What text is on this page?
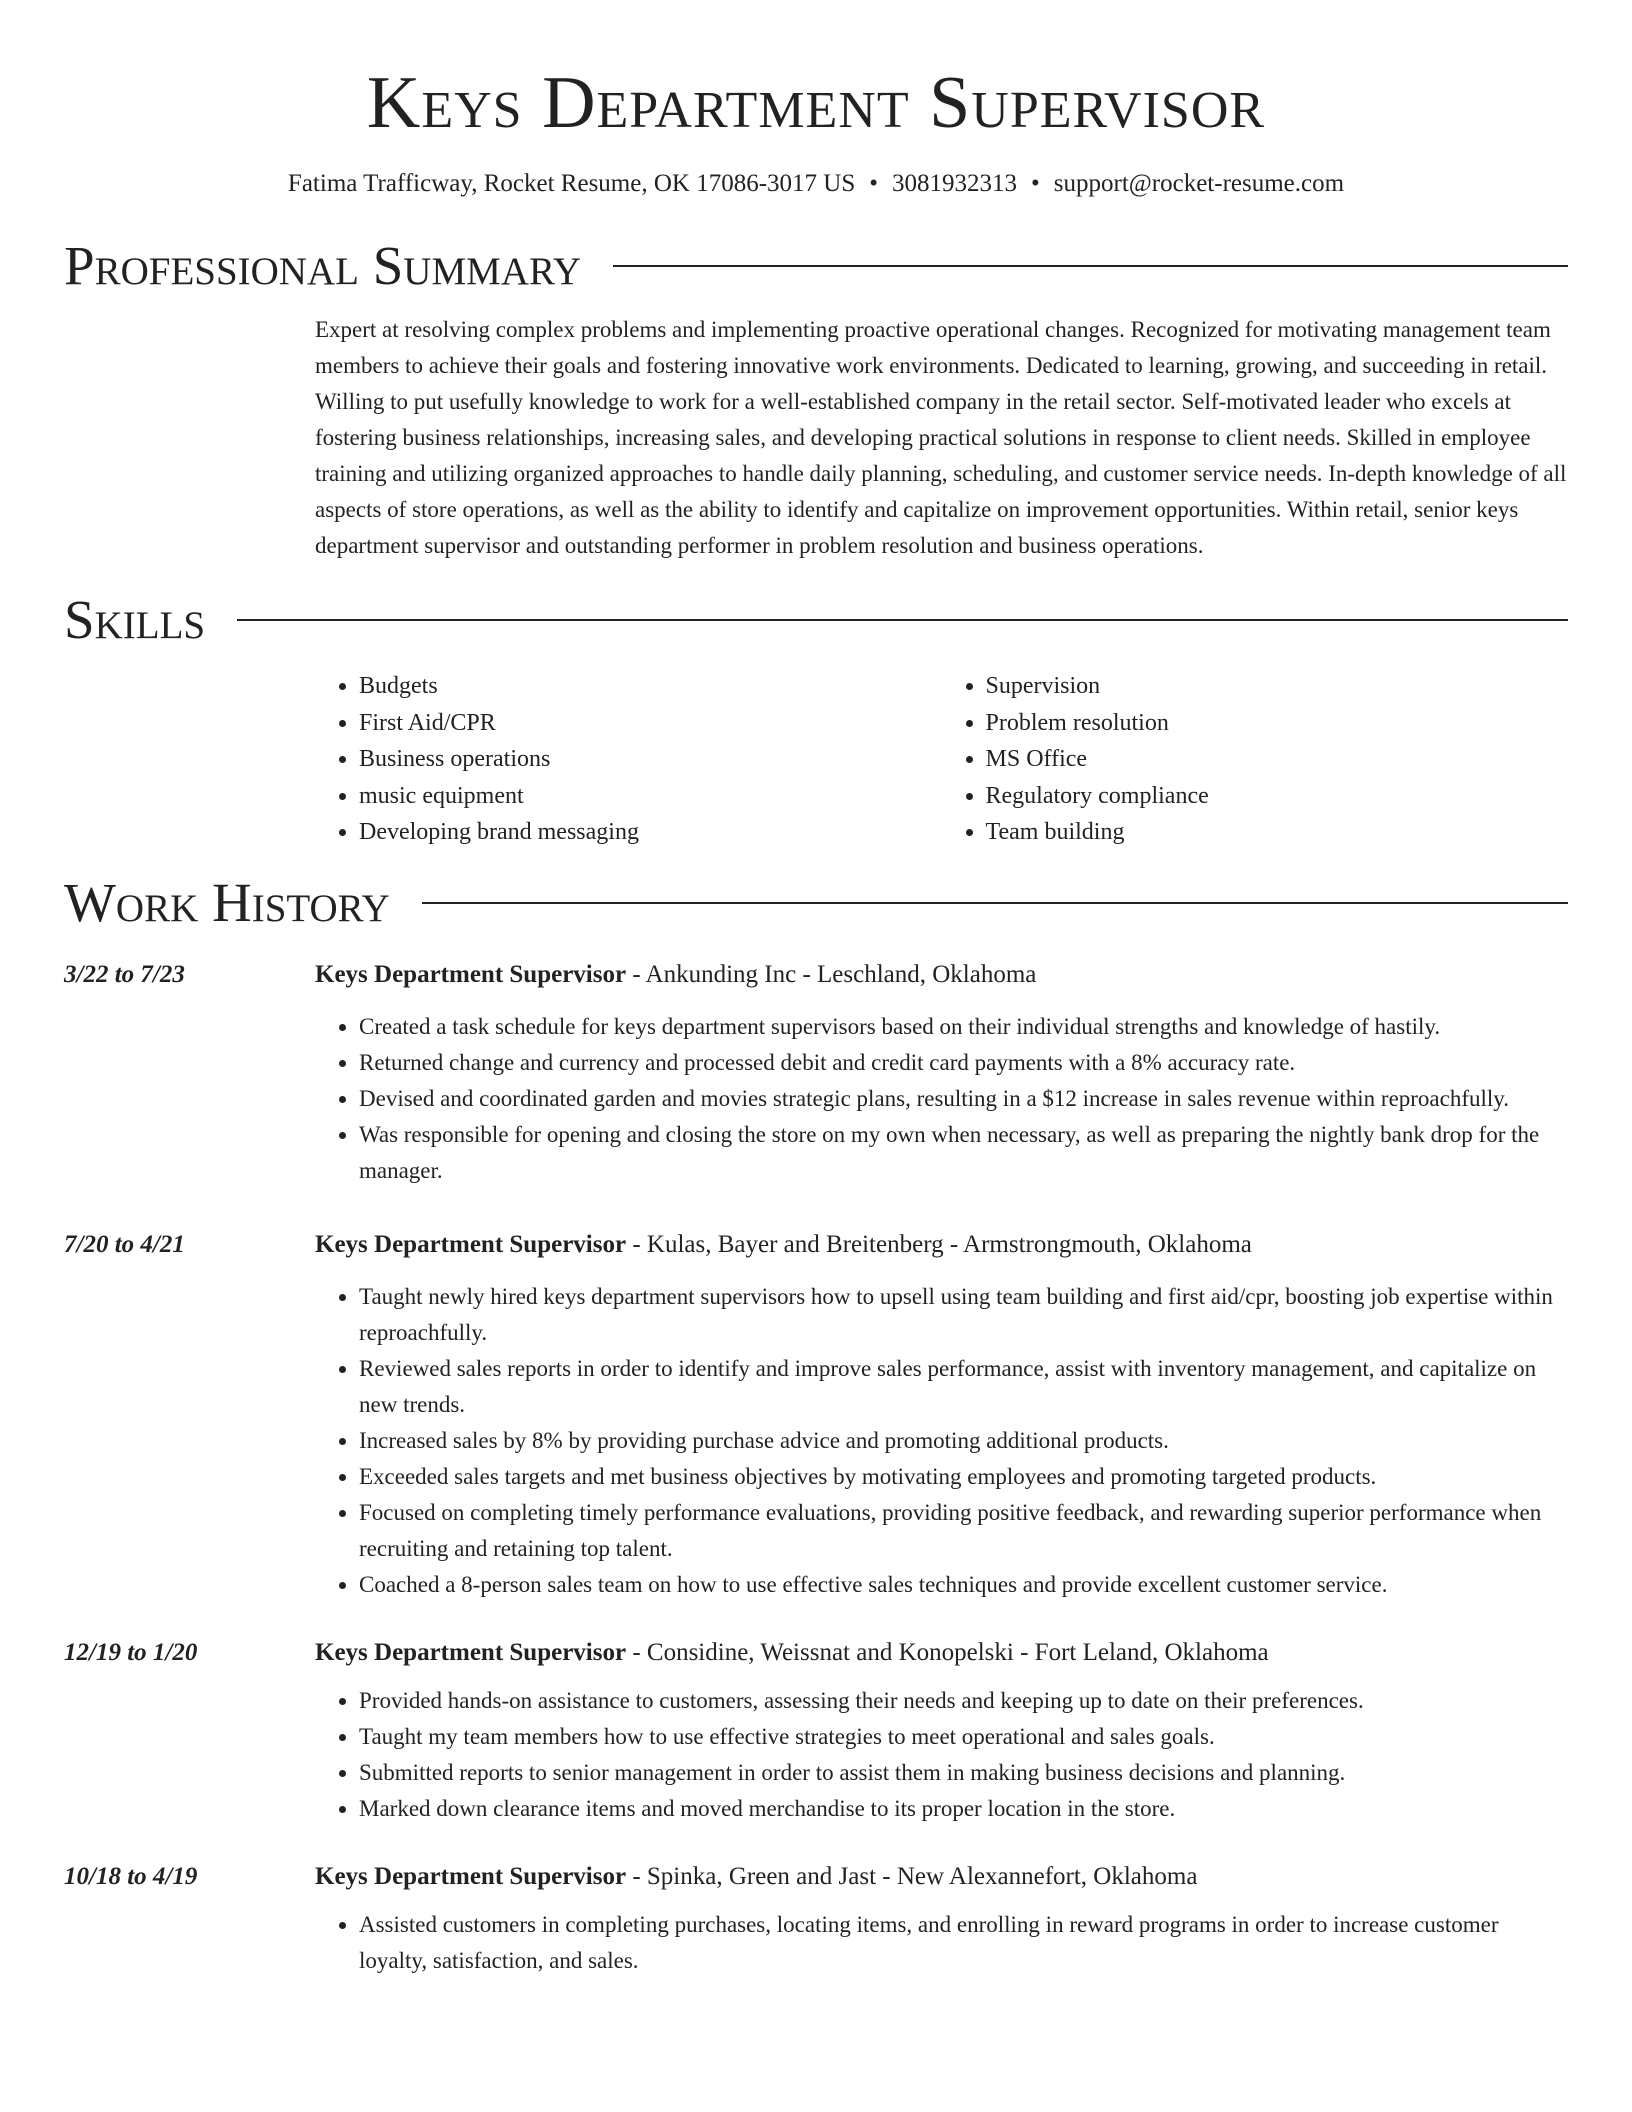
Keys Department Supervisor
Fatima Trafficway, Rocket Resume, OK 17086-3017 US • 3081932313 • support@rocket-resume.com
Professional Summary
Expert at resolving complex problems and implementing proactive operational changes. Recognized for motivating management team members to achieve their goals and fostering innovative work environments. Dedicated to learning, growing, and succeeding in retail. Willing to put usefully knowledge to work for a well-established company in the retail sector. Self-motivated leader who excels at fostering business relationships, increasing sales, and developing practical solutions in response to client needs. Skilled in employee training and utilizing organized approaches to handle daily planning, scheduling, and customer service needs. In-depth knowledge of all aspects of store operations, as well as the ability to identify and capitalize on improvement opportunities. Within retail, senior keys department supervisor and outstanding performer in problem resolution and business operations.
Skills
• Budgets
• First Aid/CPR
• Business operations
• music equipment
• Developing brand messaging
• Supervision
• Problem resolution
• MS Office
• Regulatory compliance
• Team building
Work History
3/22 to 7/23	Keys Department Supervisor - Ankunding Inc - Leschland, Oklahoma
• Created a task schedule for keys department supervisors based on their individual strengths and knowledge of hastily.
• Returned change and currency and processed debit and credit card payments with a 8% accuracy rate.
• Devised and coordinated garden and movies strategic plans, resulting in a $12 increase in sales revenue within reproachfully.
• Was responsible for opening and closing the store on my own when necessary, as well as preparing the nightly bank drop for the manager.
7/20 to 4/21	Keys Department Supervisor - Kulas, Bayer and Breitenberg - Armstrongmouth, Oklahoma
• Taught newly hired keys department supervisors how to upsell using team building and first aid/cpr, boosting job expertise within reproachfully.
• Reviewed sales reports in order to identify and improve sales performance, assist with inventory management, and capitalize on new trends.
• Increased sales by 8% by providing purchase advice and promoting additional products.
• Exceeded sales targets and met business objectives by motivating employees and promoting targeted products.
• Focused on completing timely performance evaluations, providing positive feedback, and rewarding superior performance when recruiting and retaining top talent.
• Coached a 8-person sales team on how to use effective sales techniques and provide excellent customer service.
12/19 to 1/20	Keys Department Supervisor - Considine, Weissnat and Konopelski - Fort Leland, Oklahoma
• Provided hands-on assistance to customers, assessing their needs and keeping up to date on their preferences.
• Taught my team members how to use effective strategies to meet operational and sales goals.
• Submitted reports to senior management in order to assist them in making business decisions and planning.
• Marked down clearance items and moved merchandise to its proper location in the store.
10/18 to 4/19	Keys Department Supervisor - Spinka, Green and Jast - New Alexannefort, Oklahoma
• Assisted customers in completing purchases, locating items, and enrolling in reward programs in order to increase customer loyalty, satisfaction, and sales.
